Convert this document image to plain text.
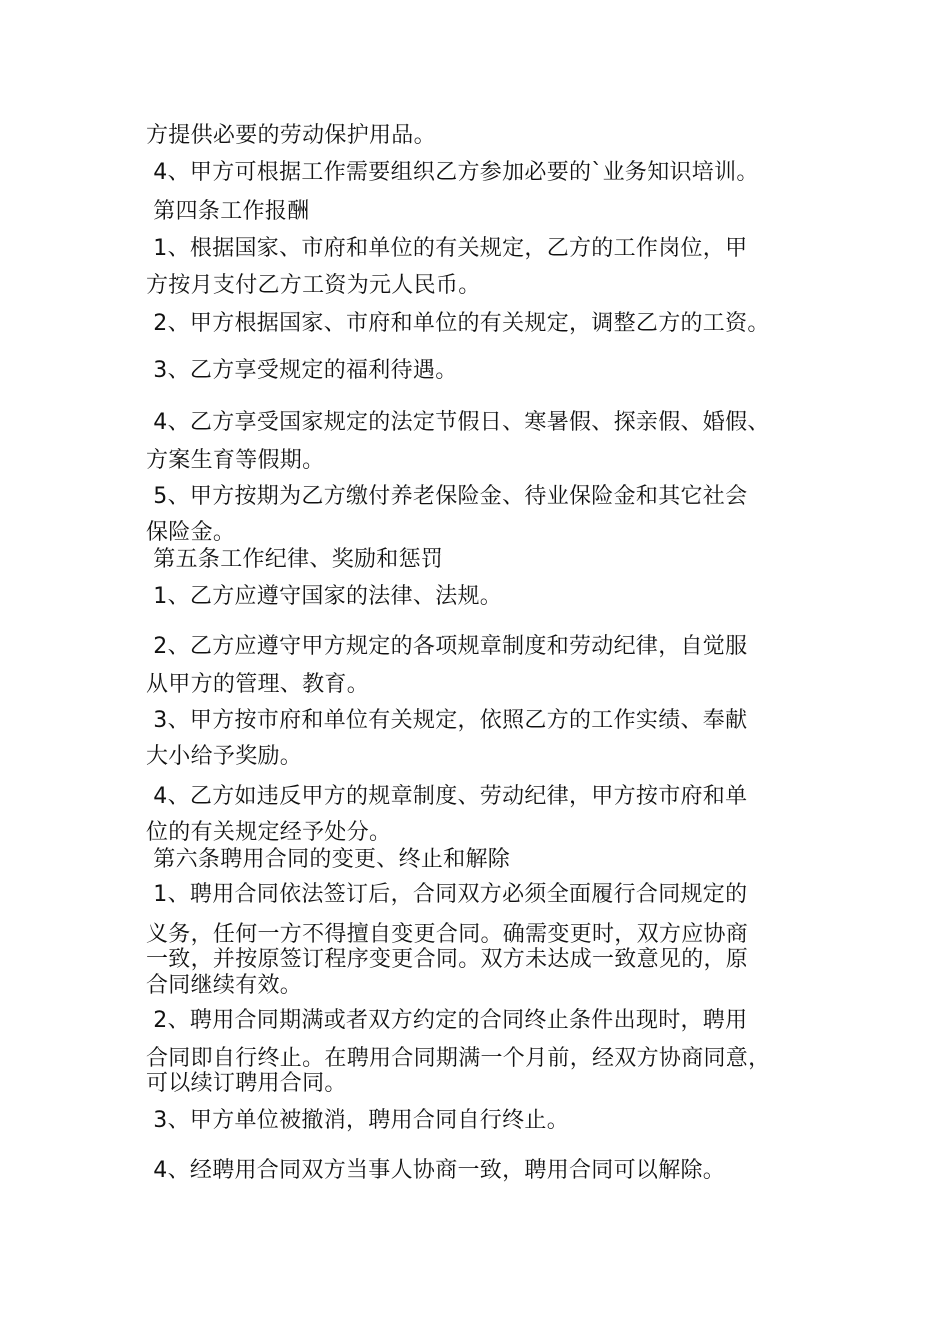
方提供必要的劳动保护用品。

4、甲方可根据工作需要组织乙方参加必要的`业务知识培训。

第四条工作报酬

1、根据国家、市府和单位的有关规定，乙方的工作岗位，甲

方按月支付乙方工资为元人民币。

2、甲方根据国家、市府和单位的有关规定，调整乙方的工资。

3、乙方享受规定的福利待遇。

4、乙方享受国家规定的法定节假日、寒暑假、探亲假、婚假、

方案生育等假期。

5、甲方按期为乙方缴付养老保险金、待业保险金和其它社会

保险金。

第五条工作纪律、奖励和惩罚

1、乙方应遵守国家的法律、法规。

2、乙方应遵守甲方规定的各项规章制度和劳动纪律，自觉服

从甲方的管理、教育。

3、甲方按市府和单位有关规定，依照乙方的工作实绩、奉献

大小给予奖励。

4、乙方如违反甲方的规章制度、劳动纪律，甲方按市府和单

位的有关规定经予处分。

第六条聘用合同的变更、终止和解除

1、聘用合同依法签订后，合同双方必须全面履行合同规定的

义务，任何一方不得擅自变更合同。确需变更时，双方应协商

一致，并按原签订程序变更合同。双方未达成一致意见的，原

合同继续有效。

2、聘用合同期满或者双方约定的合同终止条件出现时，聘用

合同即自行终止。在聘用合同期满一个月前，经双方协商同意，

可以续订聘用合同。

3、甲方单位被撤消，聘用合同自行终止。

4、经聘用合同双方当事人协商一致，聘用合同可以解除。
